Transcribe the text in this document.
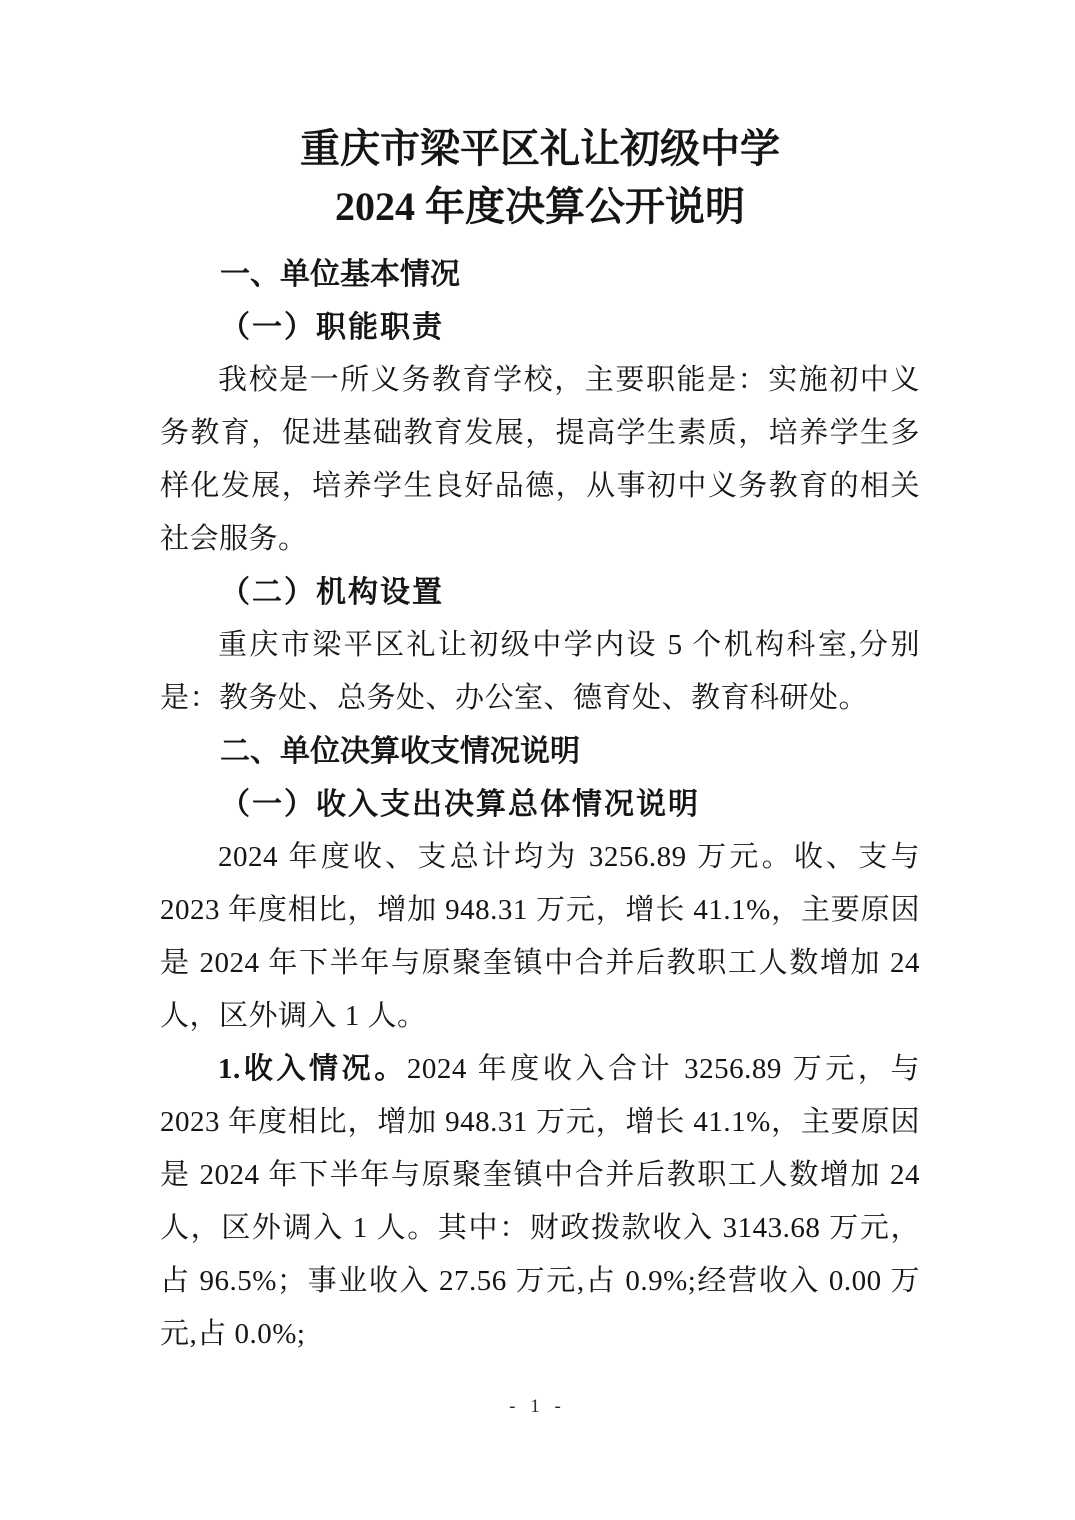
重庆市梁平区礼让初级中学
2024 年度决算公开说明
一、单位基本情况
（一）职能职责

我校是一所义务教育学校，主要职能是：实施初中义务教育，促进基础教育发展，提高学生素质，培养学生多样化发展，培养学生良好品德，从事初中义务教育的相关社会服务。

（二）机构设置

重庆市梁平区礼让初级中学内设 5 个机构科室,分别是：教务处、总务处、办公室、德育处、教育科研处。

二、单位决算收支情况说明
（一）收入支出决算总体情况说明

2024 年度收、支总计均为 3256.89 万元。收、支与 2023 年度相比，增加 948.31 万元，增长 41.1%，主要原因是 2024 年下半年与原聚奎镇中合并后教职工人数增加 24 人，区外调入 1 人。

1.收入情况。2024 年度收入合计 3256.89 万元，与 2023 年度相比，增加 948.31 万元，增长 41.1%，主要原因是 2024 年下半年与原聚奎镇中合并后教职工人数增加 24 人，区外调入 1 人。其中：财政拨款收入 3143.68 万元，占 96.5%；事业收入 27.56 万元,占 0.9%;经营收入 0.00 万元,占 0.0%;

- 1 -
